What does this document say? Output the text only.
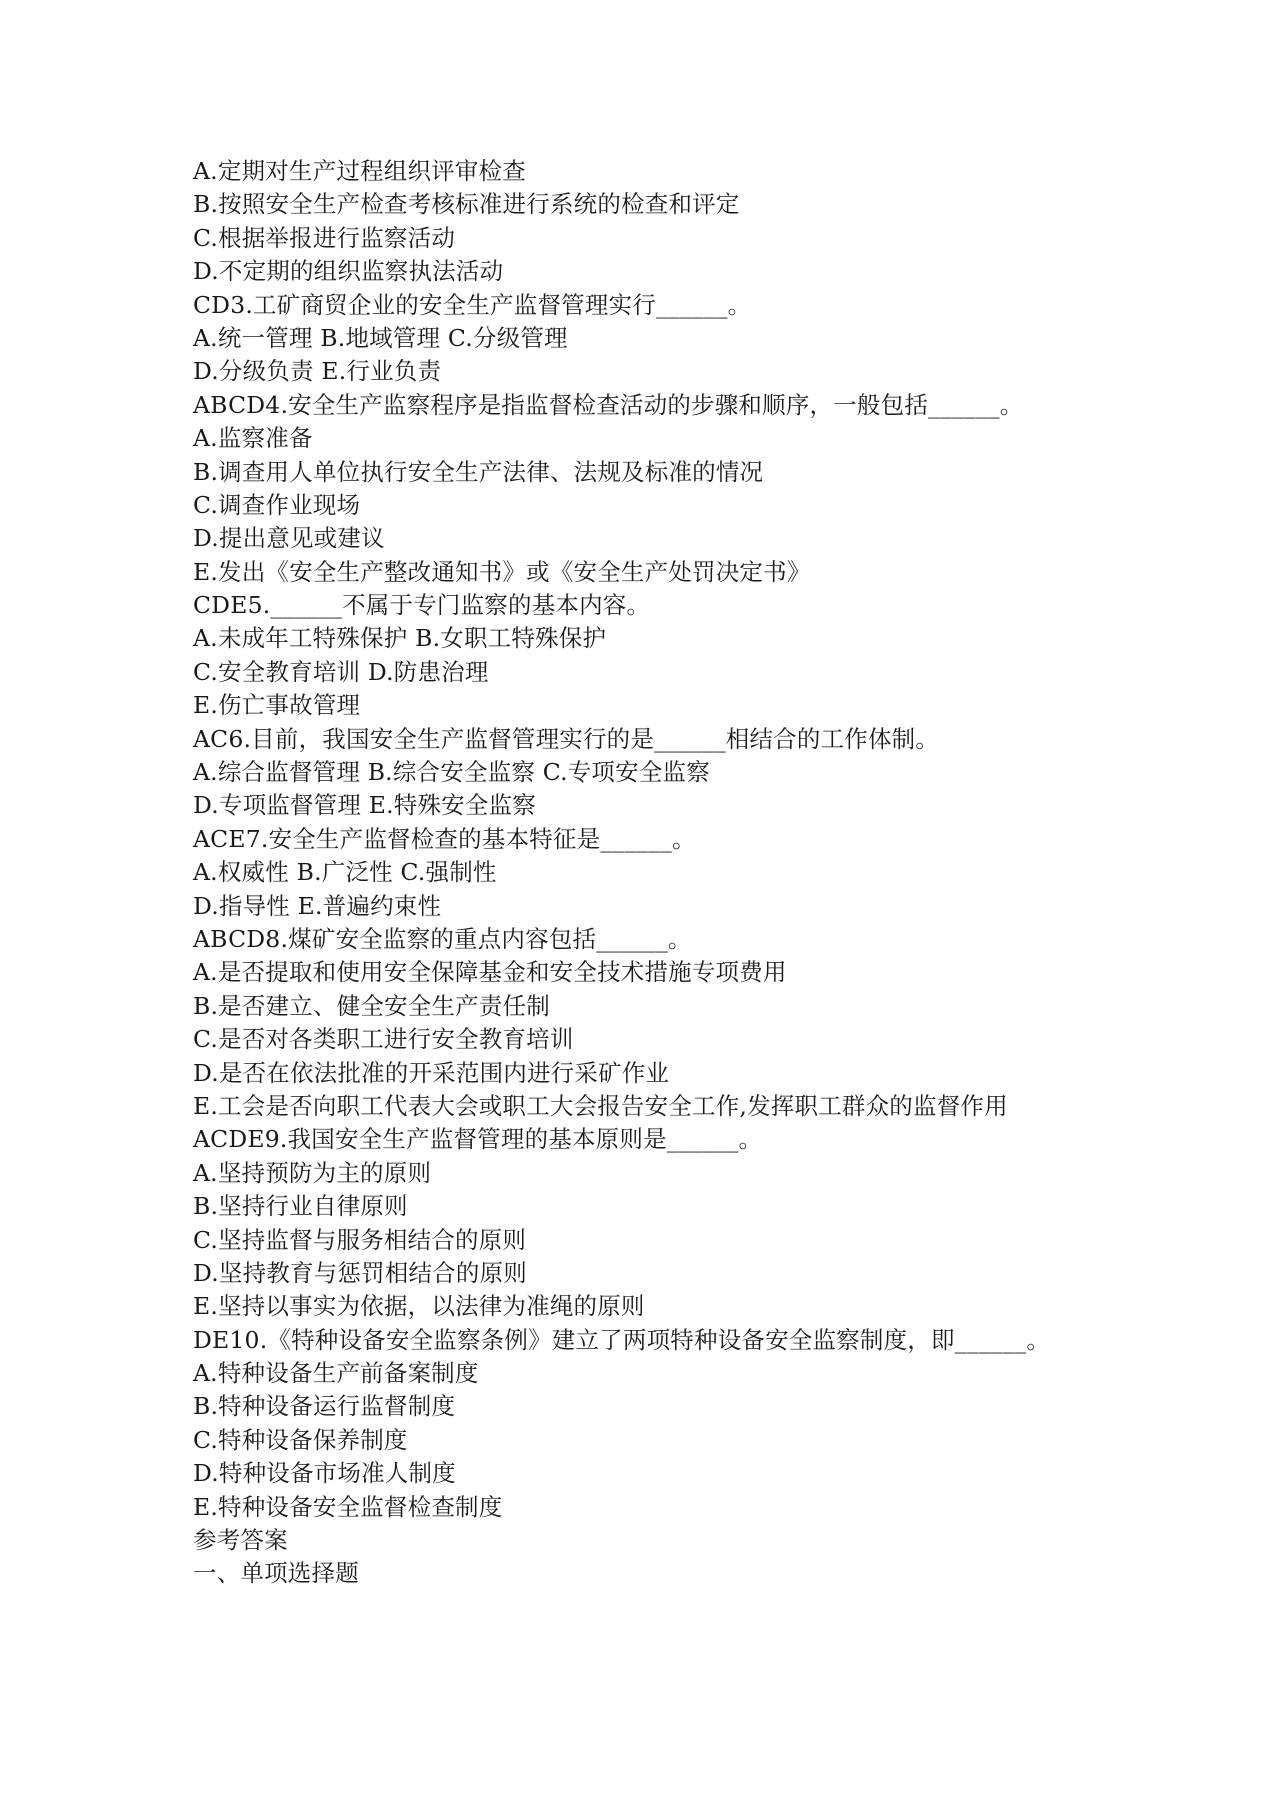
A.定期对生产过程组织评审检查
B.按照安全生产检查考核标准进行系统的检查和评定
C.根据举报进行监察活动
D.不定期的组织监察执法活动
CD3.工矿商贸企业的安全生产监督管理实行______。
A.统一管理 B.地域管理 C.分级管理
D.分级负责 E.行业负责
ABCD4.安全生产监察程序是指监督检查活动的步骤和顺序，一般包括______。
A.监察准备
B.调查用人单位执行安全生产法律、法规及标准的情况
C.调查作业现场
D.提出意见或建议
E.发出《安全生产整改通知书》或《安全生产处罚决定书》
CDE5.______不属于专门监察的基本内容。
A.未成年工特殊保护 B.女职工特殊保护
C.安全教育培训 D.防患治理
E.伤亡事故管理
AC6.目前，我国安全生产监督管理实行的是______相结合的工作体制。
A.综合监督管理 B.综合安全监察 C.专项安全监察
D.专项监督管理 E.特殊安全监察
ACE7.安全生产监督检查的基本特征是______。
A.权威性 B.广泛性 C.强制性
D.指导性 E.普遍约束性
ABCD8.煤矿安全监察的重点内容包括______。
A.是否提取和使用安全保障基金和安全技术措施专项费用
B.是否建立、健全安全生产责任制
C.是否对各类职工进行安全教育培训
D.是否在依法批准的开采范围内进行采矿作业
E.工会是否向职工代表大会或职工大会报告安全工作,发挥职工群众的监督作用
ACDE9.我国安全生产监督管理的基本原则是______。
A.坚持预防为主的原则
B.坚持行业自律原则
C.坚持监督与服务相结合的原则
D.坚持教育与惩罚相结合的原则
E.坚持以事实为依据，以法律为准绳的原则
DE10.《特种设备安全监察条例》建立了两项特种设备安全监察制度，即______。
A.特种设备生产前备案制度
B.特种设备运行监督制度
C.特种设备保养制度
D.特种设备市场准人制度
E.特种设备安全监督检查制度
参考答案
一、单项选择题
